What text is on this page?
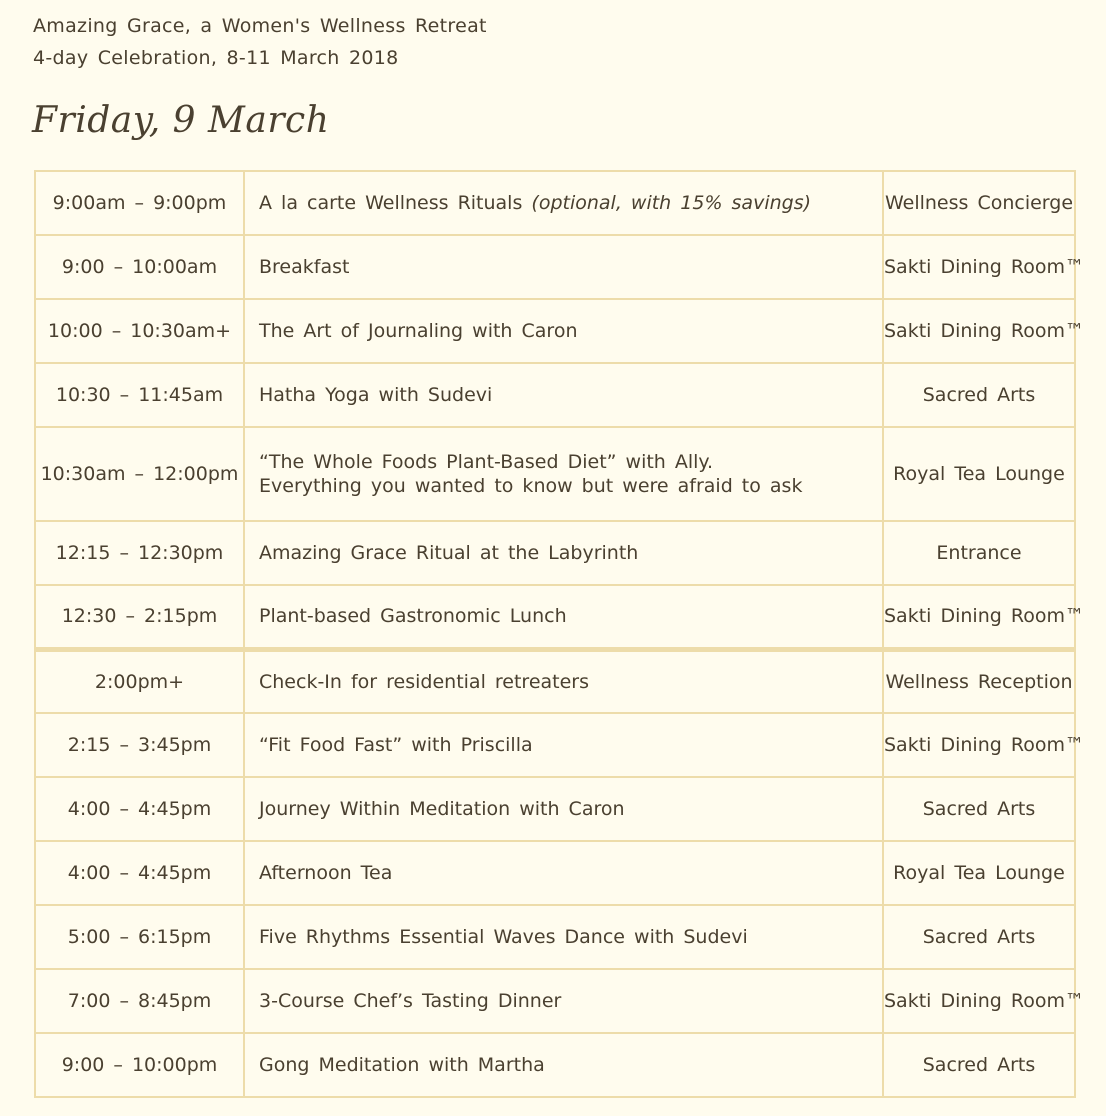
Amazing Grace, a Women's Wellness Retreat
4-day Celebration, 8-11 March 2018
Friday, 9 March
9:00am – 9:00pm	A la carte Wellness Rituals (optional, with 15% savings)	Wellness Concierge
9:00 – 10:00am	Breakfast	Sakti Dining Room™
10:00 – 10:30am+	The Art of Journaling with Caron	Sakti Dining Room™
10:30 – 11:45am	Hatha Yoga with Sudevi	Sacred Arts
10:30am – 12:00pm	“The Whole Foods Plant-Based Diet” with Ally.
Everything you wanted to know but were afraid to ask	Royal Tea Lounge
12:15 – 12:30pm	Amazing Grace Ritual at the Labyrinth	Entrance
12:30 – 2:15pm	Plant-based Gastronomic Lunch	Sakti Dining Room™
2:00pm+	Check-In for residential retreaters	Wellness Reception
2:15 – 3:45pm	“Fit Food Fast” with Priscilla	Sakti Dining Room™
4:00 – 4:45pm	Journey Within Meditation with Caron	Sacred Arts
4:00 – 4:45pm	Afternoon Tea	Royal Tea Lounge
5:00 – 6:15pm	Five Rhythms Essential Waves Dance with Sudevi	Sacred Arts
7:00 – 8:45pm	3-Course Chef’s Tasting Dinner	Sakti Dining Room™
9:00 – 10:00pm	Gong Meditation with Martha	Sacred Arts
